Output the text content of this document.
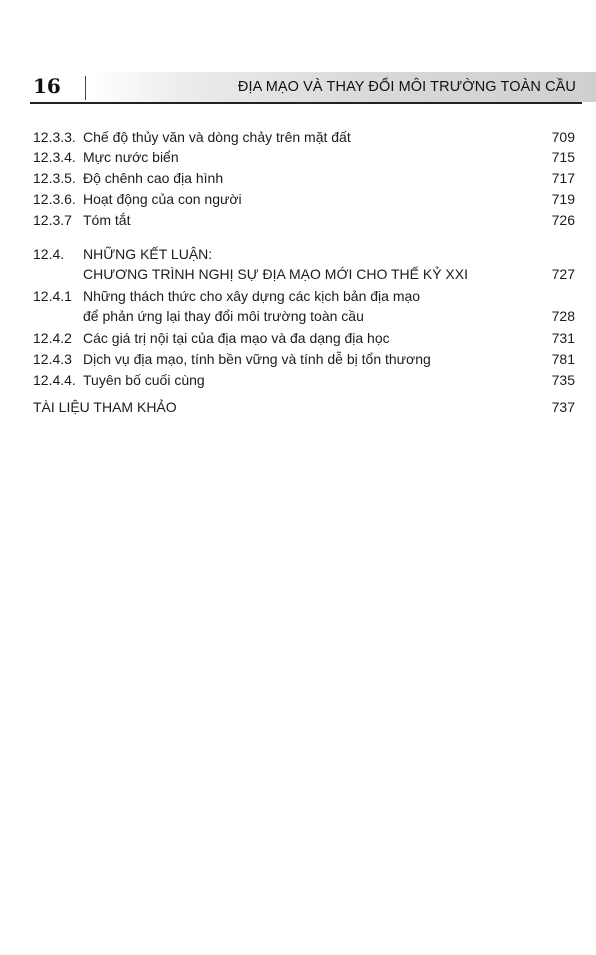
16	ĐỊA MẠO VÀ THAY ĐỔI MÔI TRƯỜNG TOÀN CẦU
12.3.3. Chế độ thủy văn và dòng chảy trên mặt đất	709
12.3.4. Mực nước biển	715
12.3.5. Độ chênh cao địa hình	717
12.3.6. Hoạt động của con người	719
12.3.7 Tóm tắt	726
12.4. NHỮNG KẾT LUẬN:
CHƯƠNG TRÌNH NGHỊ SỰ ĐỊA MẠO MỚI CHO THẾ KỶ XXI	727
12.4.1 Những thách thức cho xây dựng các kịch bản địa mạo
để phản ứng lại thay đổi môi trường toàn cầu	728
12.4.2 Các giá trị nội tại của địa mạo và đa dạng địa học	731
12.4.3 Dịch vụ địa mạo, tính bền vững và tính dễ bị tổn thương	781
12.4.4. Tuyên bố cuối cùng	735
TÀI LIỆU THAM KHẢO	737
